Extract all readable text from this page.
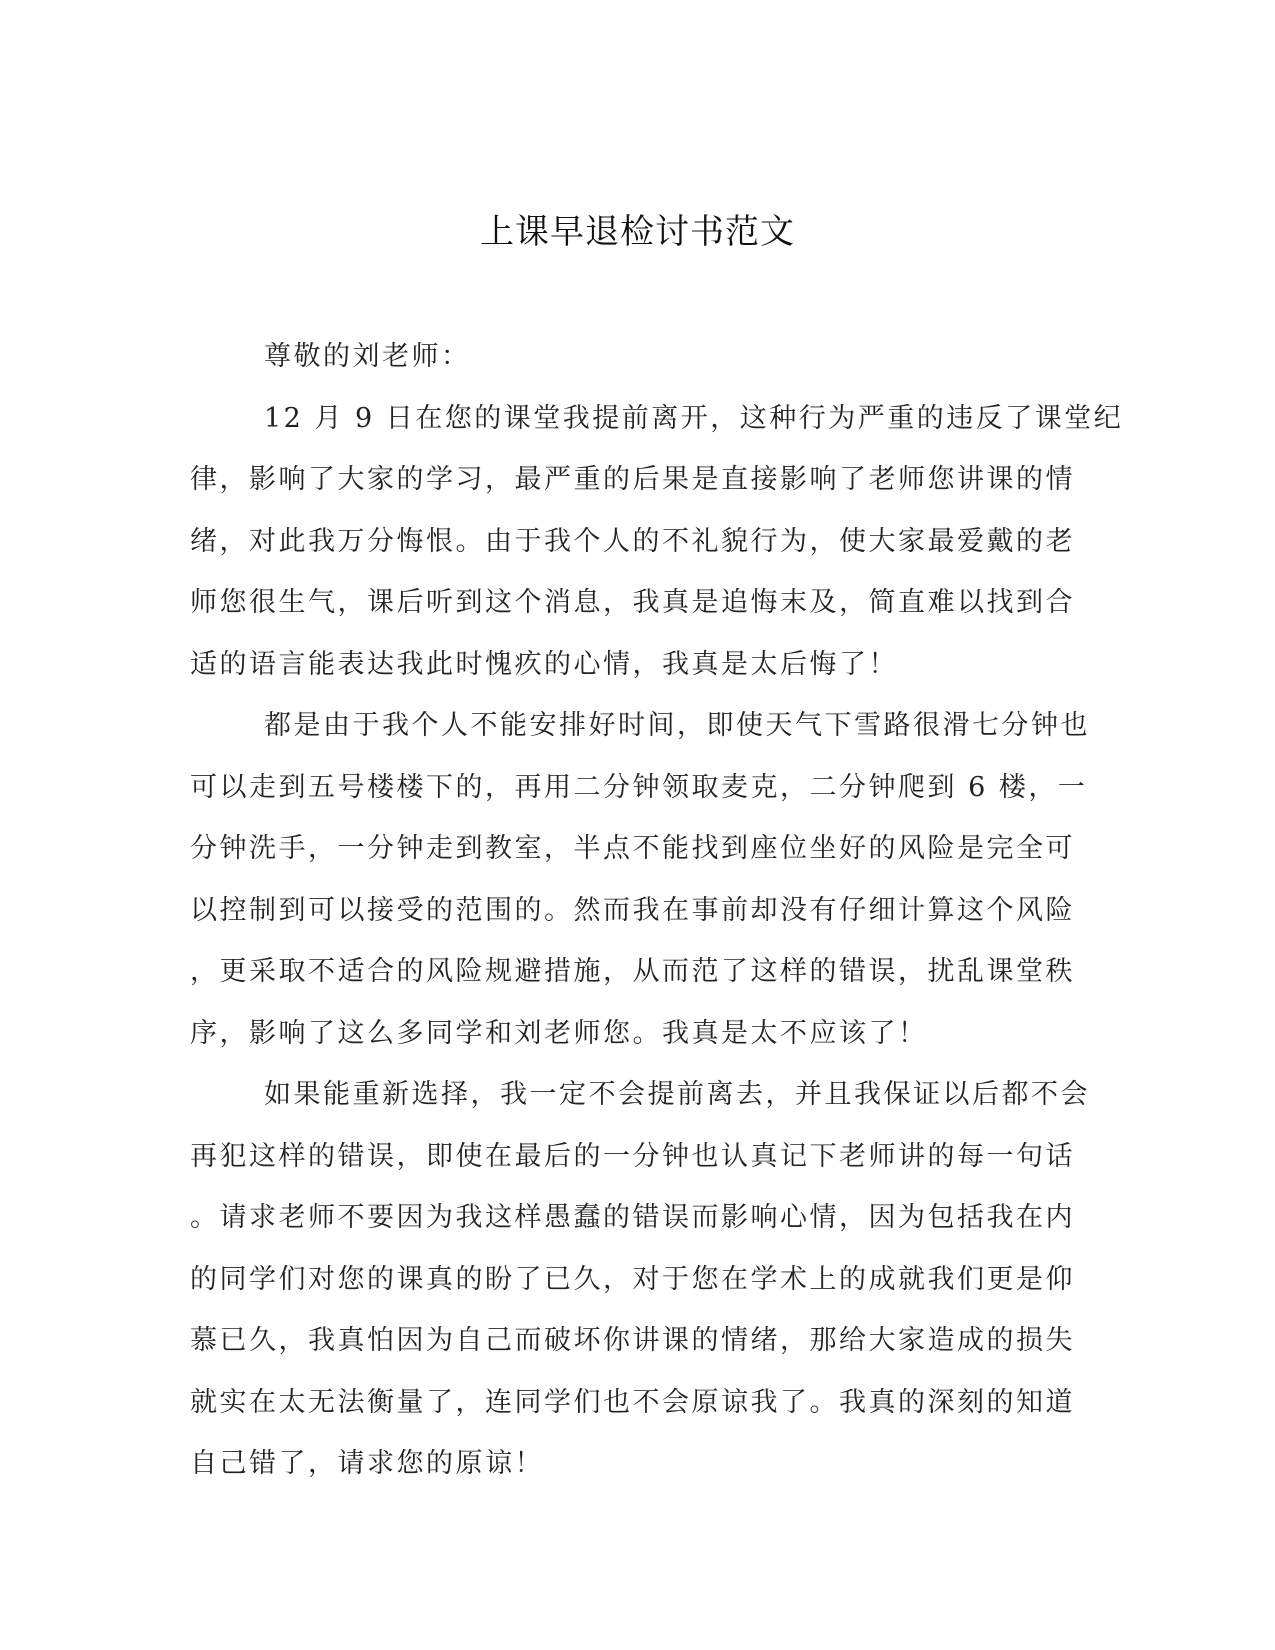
上课早退检讨书范文
尊敬的刘老师：
12 月 9 日在您的课堂我提前离开，这种行为严重的违反了课堂纪
律，影响了大家的学习，最严重的后果是直接影响了老师您讲课的情
绪，对此我万分悔恨。由于我个人的不礼貌行为，使大家最爱戴的老
师您很生气，课后听到这个消息，我真是追悔末及，简直难以找到合
适的语言能表达我此时愧疚的心情，我真是太后悔了！
都是由于我个人不能安排好时间，即使天气下雪路很滑七分钟也
可以走到五号楼楼下的，再用二分钟领取麦克，二分钟爬到 6 楼，一
分钟洗手，一分钟走到教室，半点不能找到座位坐好的风险是完全可
以控制到可以接受的范围的。然而我在事前却没有仔细计算这个风险
，更采取不适合的风险规避措施，从而范了这样的错误，扰乱课堂秩
序，影响了这么多同学和刘老师您。我真是太不应该了！
如果能重新选择，我一定不会提前离去，并且我保证以后都不会
再犯这样的错误，即使在最后的一分钟也认真记下老师讲的每一句话
。请求老师不要因为我这样愚蠢的错误而影响心情，因为包括我在内
的同学们对您的课真的盼了已久，对于您在学术上的成就我们更是仰
慕已久，我真怕因为自己而破坏你讲课的情绪，那给大家造成的损失
就实在太无法衡量了，连同学们也不会原谅我了。我真的深刻的知道
自己错了，请求您的原谅！
